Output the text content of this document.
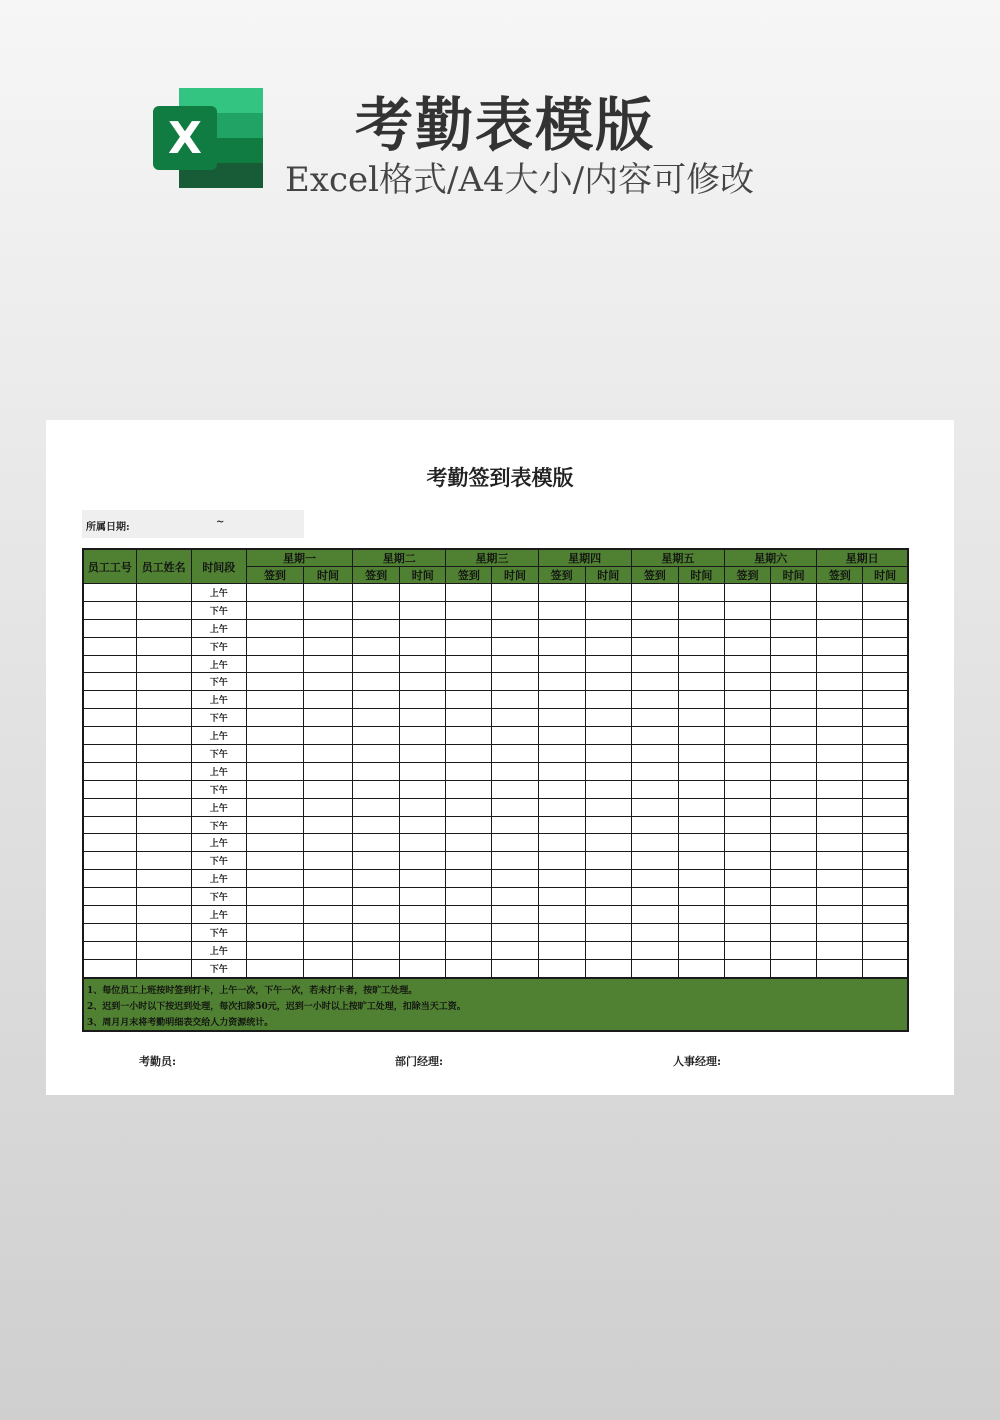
X	考勤表模版
Excel格式/A4大小/内容可修改
考勤签到表模版
所属日期:	~
员工工号	员工姓名	时间段	星期一		星期二		星期三		星期四		星期五		星期六		星期日	
			签到	时间	签到	时间	签到	时间	签到	时间	签到	时间	签到	时间	签到	时间
		上午														
		下午														
		上午														
		下午														
		上午														
		下午														
		上午														
		下午														
		上午														
		下午														
		上午														
		下午														
		上午														
		下午														
		上午														
		下午														
		上午														
		下午														
		上午														
		下午														
		上午														
		下午														
1、每位员工上班按时签到打卡，上午一次，下午一次，若未打卡者，按旷工处理。
2、迟到一小时以下按迟到处理，每次扣除50元，迟到一小时以上按旷工处理，扣除当天工资。
3、周月月末将考勤明细表交给人力资源统计。
考勤员:	部门经理:	人事经理:
